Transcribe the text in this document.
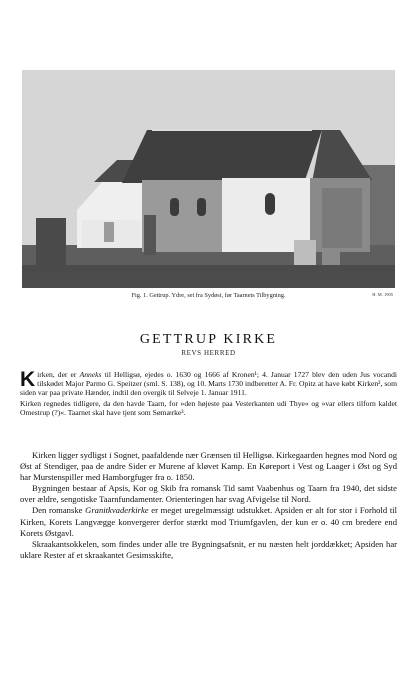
Fig. 1. Gettrup. Ydre, set fra Sydøst, før Taarnets Tilbygning.	H. M. 1905
GETTRUP KIRKE
REVS HERRED

Kirken, der er Anneks til Helligsø, ejedes o. 1630 og 1666 af Kronen¹; 4. Januar 1727 blev den uden Jus vocandi tilskødet Major Parmo G. Speitzer (sml. S. 138), og 10. Marts 1730 indberetter A. Fr. Opitz at have købt Kirken², som siden var paa private Hænder, indtil den overgik til Selveje 1. Januar 1911.

Kirken regnedes tidligere, da den havde Taarn, for »den højeste paa Vesterkanten udi Thye« og »var ellers tilforn kaldet Omestrup (?)«. Taarnet skal have tjent som Sømærke³.

Kirken ligger sydligst i Sognet, paafaldende nær Grænsen til Helligsø. Kirkegaarden hegnes mod Nord og Øst af Stendiger, paa de andre Sider er Murene af kløvet Kamp. En Køreport i Vest og Laager i Øst og Syd har Murstenspiller med Hamborgfuger fra o. 1850.

Bygningen bestaar af Apsis, Kor og Skib fra romansk Tid samt Vaabenhus og Taarn fra 1940, det sidste over ældre, sengotiske Taarnfundamenter. Orienteringen har svag Afvigelse til Nord.

Den romanske Granitkvaderkirke er meget uregelmæssigt udstukket. Apsiden er alt for stor i Forhold til Kirken, Korets Langvægge konvergerer derfor stærkt mod Triumfgavlen, der kun er o. 40 cm bredere end Korets Østgavl.

Skraakantsokkelen, som findes under alle tre Bygningsafsnit, er nu næsten helt jorddækket; Apsiden har uklare Rester af et skraakantet Gesimsskifte,
